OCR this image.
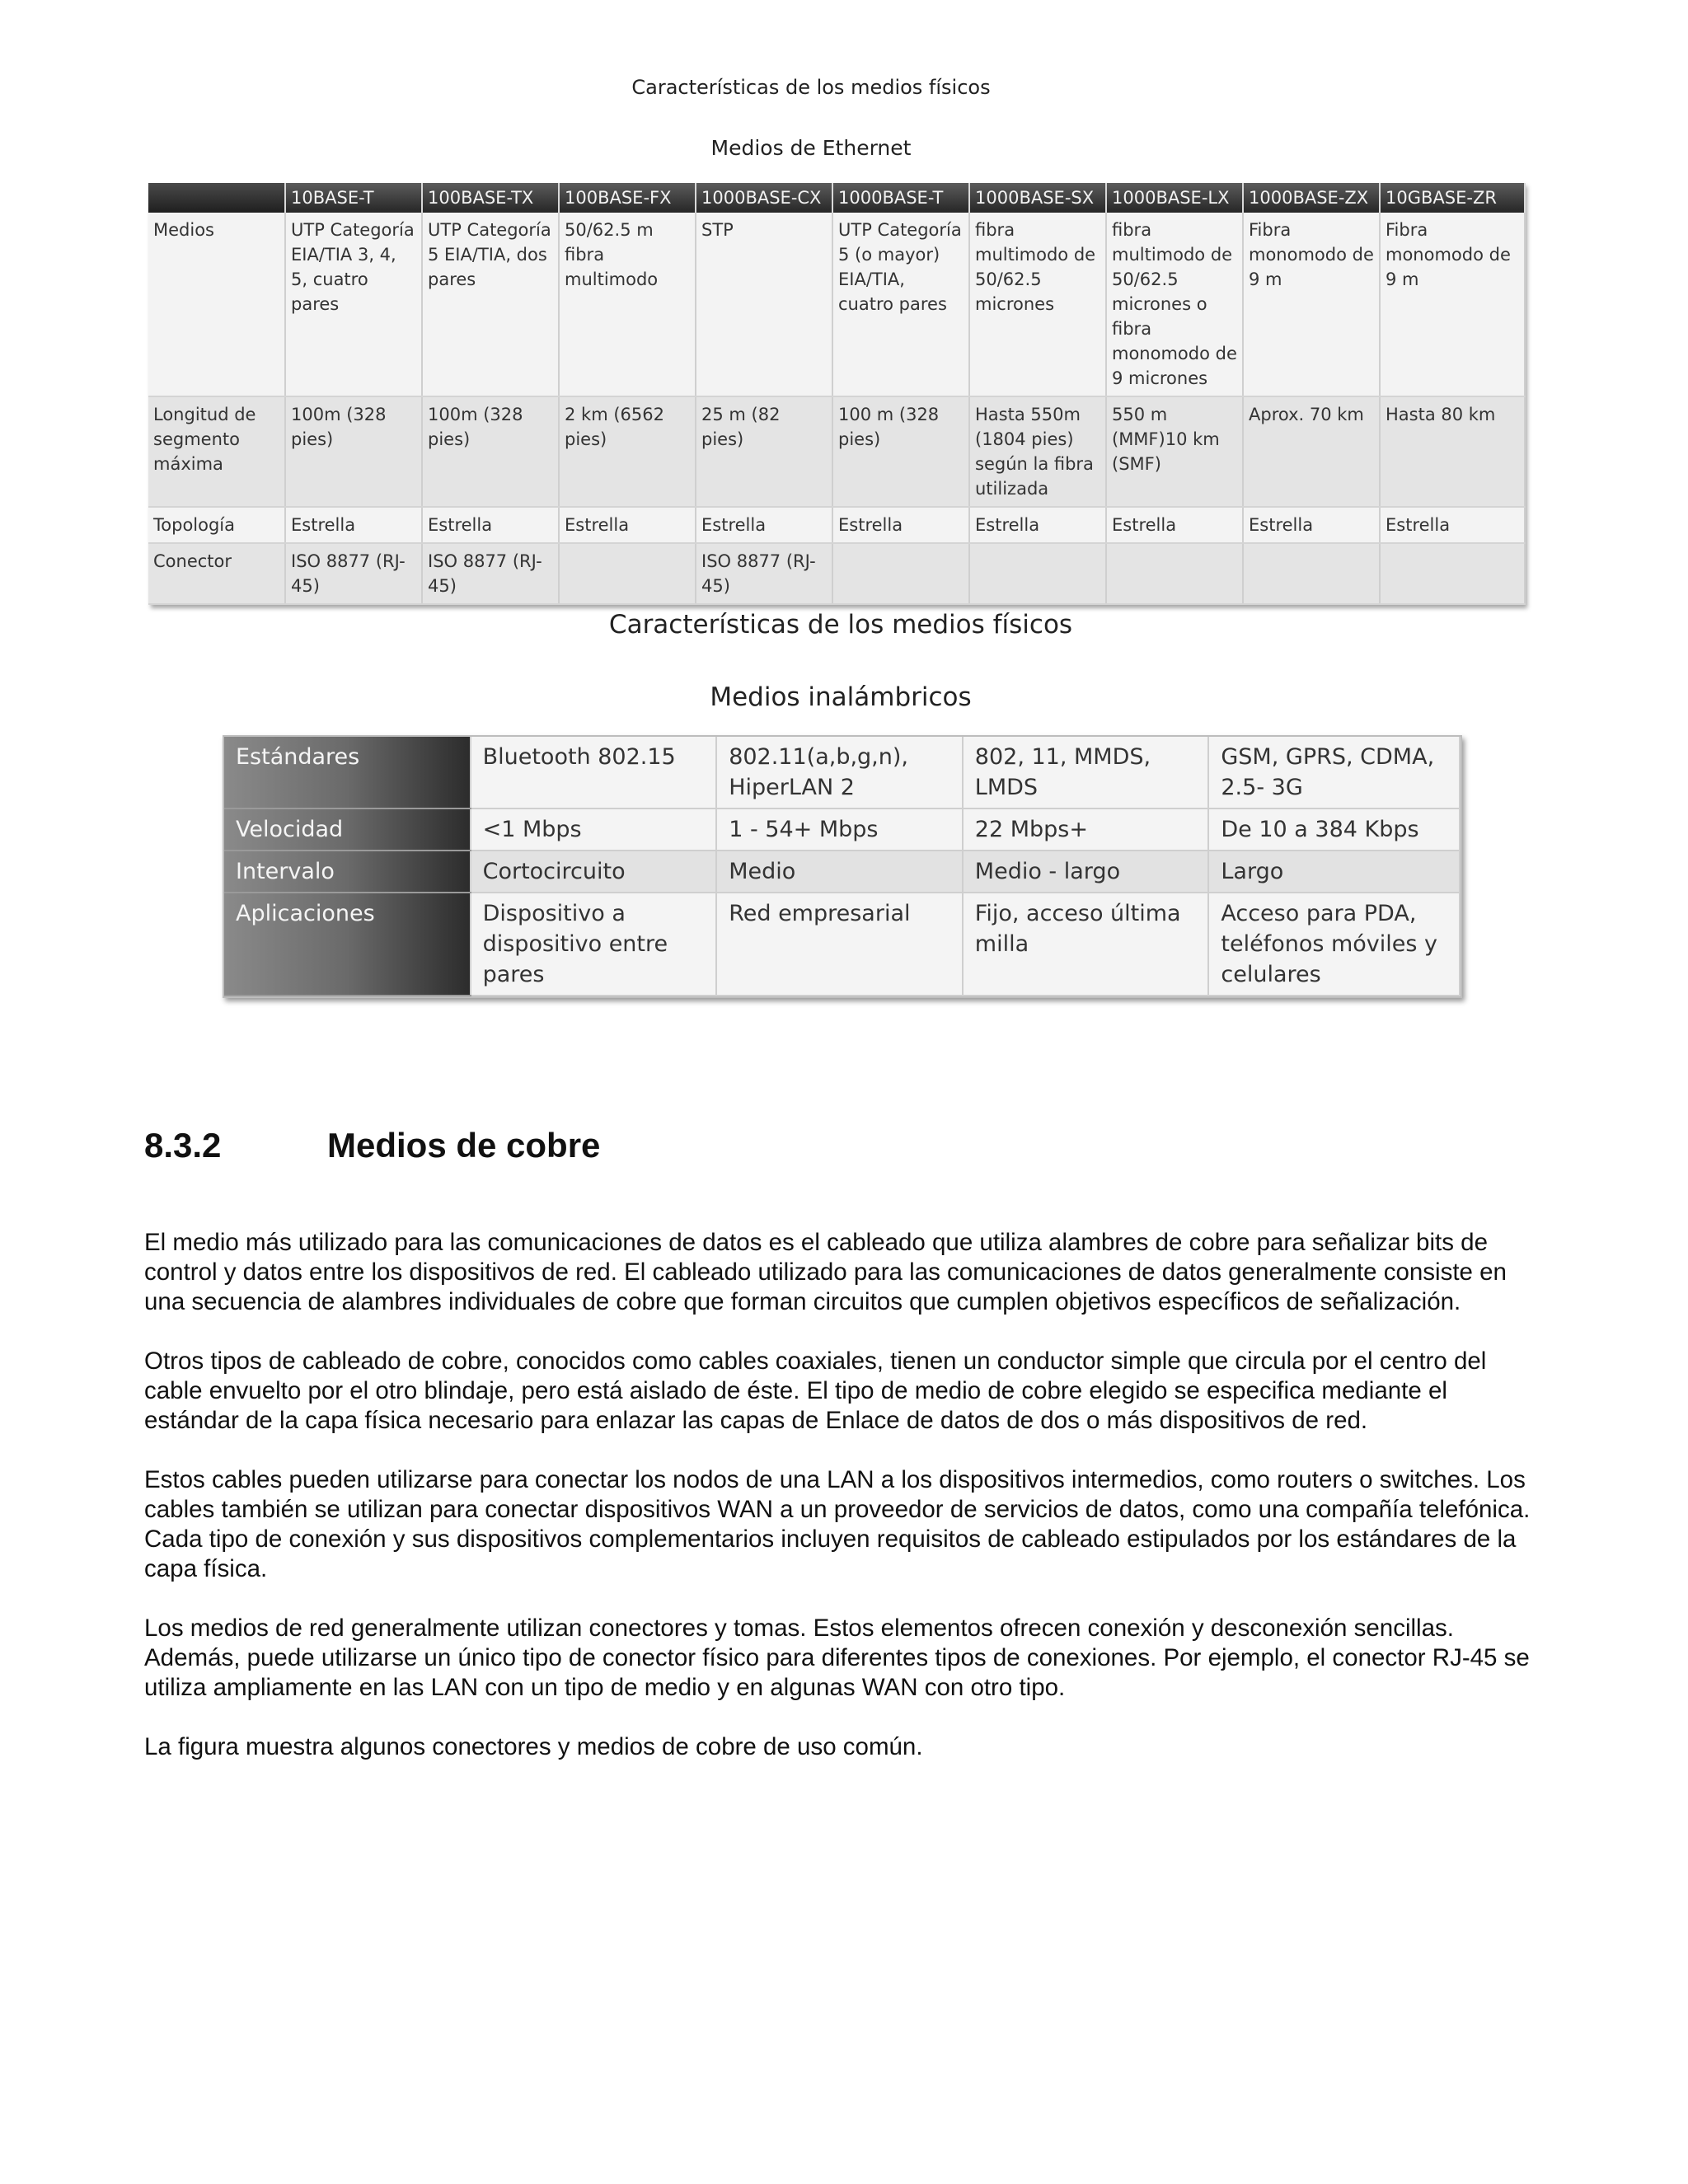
Características de los medios físicos
Medios de Ethernet
	10BASE-T	100BASE-TX	100BASE-FX	1000BASE-CX	1000BASE-T	1000BASE-SX	1000BASE-LX	1000BASE-ZX	10GBASE-ZR
Medios	UTP Categoría EIA/TIA 3, 4, 5, cuatro pares	UTP Categoría 5 EIA/TIA, dos pares	50/62.5 m fibra multimodo	STP	UTP Categoría 5 (o mayor) EIA/TIA, cuatro pares	fibra multimodo de 50/62.5 micrones	fibra multimodo de 50/62.5 micrones o fibra monomodo de 9 micrones	Fibra monomodo de 9 m	Fibra monomodo de 9 m
Longitud de segmento máxima	100m (328 pies)	100m (328 pies)	2 km (6562 pies)	25 m (82 pies)	100 m (328 pies)	Hasta 550m (1804 pies) según la fibra utilizada	550 m (MMF)10 km (SMF)	Aprox. 70 km	Hasta 80 km
Topología	Estrella	Estrella	Estrella	Estrella	Estrella	Estrella	Estrella	Estrella	Estrella
Conector	ISO 8877 (RJ-45)	ISO 8877 (RJ-45)		ISO 8877 (RJ-45)					
Características de los medios físicos
Medios inalámbricos
Estándares	Bluetooth 802.15	802.11(a,b,g,n), HiperLAN 2	802, 11, MMDS, LMDS	GSM, GPRS, CDMA, 2.5- 3G
Velocidad	<1 Mbps	1 - 54+ Mbps	22 Mbps+	De 10 a 384 Kbps
Intervalo	Cortocircuito	Medio	Medio - largo	Largo
Aplicaciones	Dispositivo a dispositivo entre pares	Red empresarial	Fijo, acceso última milla	Acceso para PDA, teléfonos móviles y celulares
8.3.2	Medios de cobre

El medio más utilizado para las comunicaciones de datos es el cableado que utiliza alambres de cobre para señalizar bits de control y datos entre los dispositivos de red. El cableado utilizado para las comunicaciones de datos generalmente consiste en una secuencia de alambres individuales de cobre que forman circuitos que cumplen objetivos específicos de señalización.

Otros tipos de cableado de cobre, conocidos como cables coaxiales, tienen un conductor simple que circula por el centro del cable envuelto por el otro blindaje, pero está aislado de éste. El tipo de medio de cobre elegido se especifica mediante el estándar de la capa física necesario para enlazar las capas de Enlace de datos de dos o más dispositivos de red.

Estos cables pueden utilizarse para conectar los nodos de una LAN a los dispositivos intermedios, como routers o switches. Los cables también se utilizan para conectar dispositivos WAN a un proveedor de servicios de datos, como una compañía telefónica. Cada tipo de conexión y sus dispositivos complementarios incluyen requisitos de cableado estipulados por los estándares de la capa física.

Los medios de red generalmente utilizan conectores y tomas. Estos elementos ofrecen conexión y desconexión sencillas. Además, puede utilizarse un único tipo de conector físico para diferentes tipos de conexiones. Por ejemplo, el conector RJ-45 se utiliza ampliamente en las LAN con un tipo de medio y en algunas WAN con otro tipo.

La figura muestra algunos conectores y medios de cobre de uso común.
